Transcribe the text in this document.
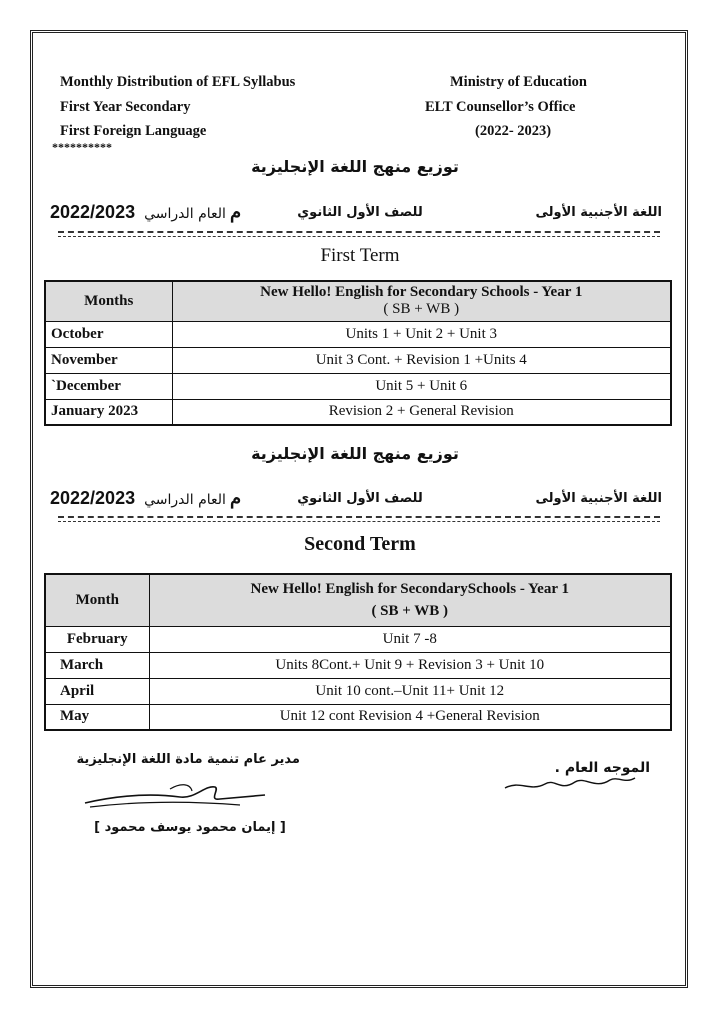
Monthly Distribution of EFL Syllabus
First Year Secondary
First Foreign Language
Ministry of Education
ELT Counsellor’s Office
(2022- 2023)
**********
توزيع منهج اللغة الإنجليزية
اللغة الأجنبية الأولى
للصف الأول الثانوي
2022/2023 م العام الدراسي
First Term
Months	New Hello! English for Secondary Schools - Year 1
( SB + WB )

October	Units 1 + Unit 2 + Unit 3
November	Unit 3 Cont. + Revision 1 +Units 4
`December	Unit 5 + Unit 6
January 2023	Revision 2 + General Revision
توزيع منهج اللغة الإنجليزية
اللغة الأجنبية الأولى
للصف الأول الثانوي
2022/2023 م العام الدراسي
Second Term
Month	New Hello! English for SecondarySchools - Year 1
( SB + WB )

February	Unit 7 -8
March	Units 8Cont.+ Unit 9 + Revision 3 + Unit 10
April	Unit 10 cont.–Unit 11+ Unit 12
May	Unit 12 cont Revision 4 +General Revision
مدير عام تنمية مادة اللغة الإنجليزية
[ إيمان محمود يوسف محمود ]
الموجه العام .
